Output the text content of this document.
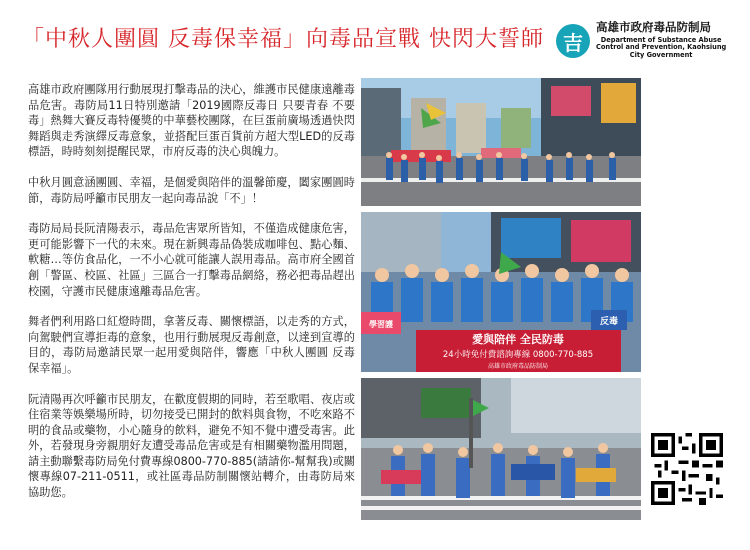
「中秋人團圓 反毒保幸福」向毒品宣戰 快閃大誓師 吉
高雄市政府毒品防制局
Department of Substance Abuse
Control and Prevention, Kaohsiung
City Government

高雄市政府團隊用行動展現打擊毒品的決心，維護市民健康遠離毒品危害。毒防局11日特別邀請「2019國際反毒日 只要青春 不要毒」熱舞大賽反毒特優獎的中華藝校團隊，在巨蛋前廣場透過快閃舞蹈與走秀演繹反毒意象，並搭配巨蛋百貨前方超大型LED的反毒標語，時時刻刻提醒民眾，市府反毒的決心與魄力。

中秋月圓意涵團圓、幸福，是個愛與陪伴的溫馨節慶，闔家團圓時節，毒防局呼籲市民朋友一起向毒品說「不」！

毒防局局長阮清陽表示，毒品危害眾所皆知，不僅造成健康危害，更可能影響下一代的未來。現在新興毒品偽裝成咖啡包、點心麵、軟糖…等仿食品化，一不小心就可能讓人誤用毒品。高市府全國首創「警區、校區、社區」三區合一打擊毒品網絡，務必把毒品趕出校園，守護市民健康遠離毒品危害。

舞者們利用路口紅燈時間，拿著反毒、關懷標語，以走秀的方式，向駕駛們宣導拒毒的意象，也用行動展現反毒創意，以達到宣導的目的，毒防局邀請民眾一起用愛與陪伴，響應「中秋人團圓 反毒保幸福」。

阮清陽再次呼籲市民朋友，在歡度假期的同時，若至歌唱、夜店或住宿業等娛樂場所時，切勿接受已開封的飲料與食物，不吃來路不明的食品或藥物，小心隨身的飲料，避免不知不覺中遭受毒害。此外，若發現身旁親朋好友遭受毒品危害或是有相關藥物濫用問題，請主動聯繫毒防局免付費專線0800-770-885(請請你-幫幫我)或關懷專線07-211-0511，或社區毒品防制關懷站轉介，由毒防局來協助您。

愛與陪伴 全民防毒
24小時免付費諮詢專線 0800-770-885
高雄市政府毒品防制局
學習護	反毒
